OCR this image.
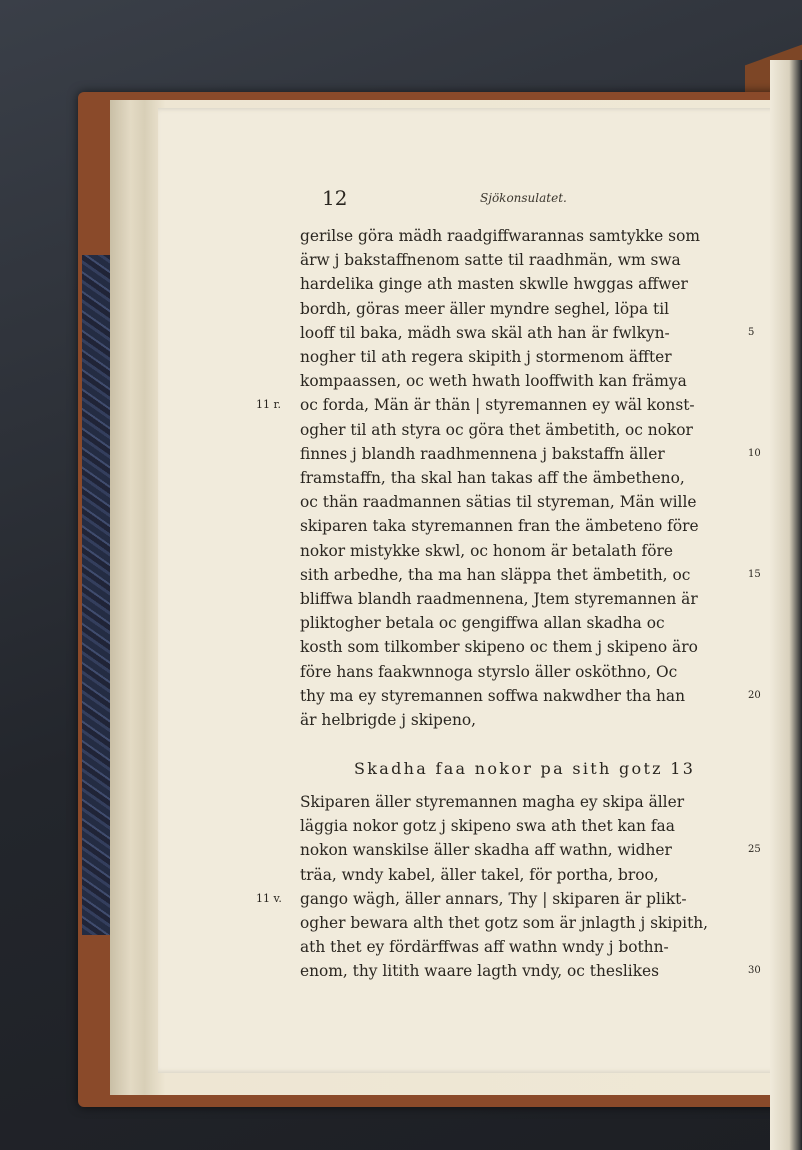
12	Sjökonsulatet.
gerilse göra mädh raadgiffwarannas samtykke som
ärw j bakstaffnenom satte til raadhmän, wm swa
hardelika ginge ath masten skwlle hwggas affwer
bordh, göras meer äller myndre seghel, löpa til
looff til baka, mädh swa skäl ath han är fwlkyn-	5
nogher til ath regera skipith j stormenom äffter
kompaassen, oc weth hwath looffwith kan främya
oc forda, Män är thän | styremannen ey wäl konst-
11 r.
ogher til ath styra oc göra thet ämbetith, oc nokor
finnes j blandh raadhmennena j bakstaffn äller	10
framstaffn, tha skal han takas aff the ämbetheno,
oc thän raadmannen sätias til styreman, Män wille
skiparen taka styremannen fran the ämbeteno före
nokor mistykke skwl, oc honom är betalath före
sith arbedhe, tha ma han släppa thet ämbetith, oc	15
bliffwa blandh raadmennena, Jtem styremannen är
pliktogher betala oc gengiffwa allan skadha oc
kosth som tilkomber skipeno oc them j skipeno äro
före hans faakwnnoga styrslo äller osköthno, Oc
thy ma ey styremannen soffwa nakwdher tha han	20
är helbrigde j skipeno,
Skiparen äller styremannen magha ey skipa äller
läggia nokor gotz j skipeno swa ath thet kan faa
nokon wanskilse äller skadha aff wathn, widher	25
träa, wndy kabel, äller takel, för portha, broo,
gango wägh, äller annars, Thy | skiparen är plikt-
11 v.
ogher bewara alth thet gotz som är jnlagth j skipith,
ath thet ey fördärffwas aff wathn wndy j bothn-
enom, thy litith waare lagth vndy, oc theslikes	30
Skadha faa nokor pa sith gotz 13
